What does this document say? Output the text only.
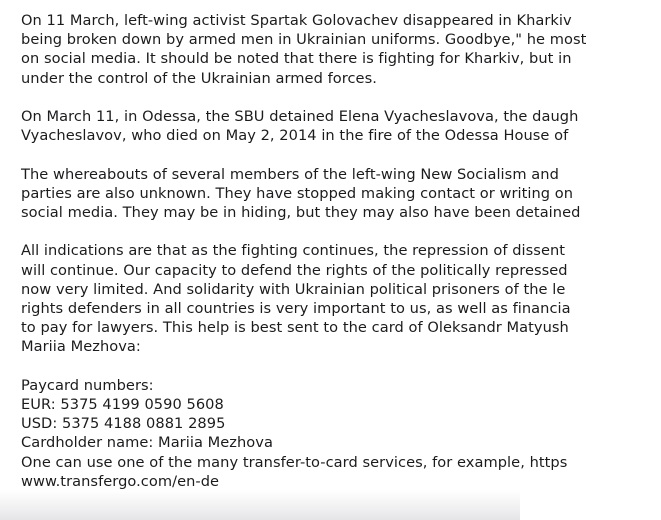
On 11 March, left-wing activist Spartak Golovachev disappeared in Kharkiv
being broken down by armed men in Ukrainian uniforms. Goodbye," he most
on social media. It should be noted that there is fighting for Kharkiv, but in
under the control of the Ukrainian armed forces.

On March 11, in Odessa, the SBU detained Elena Vyacheslavova, the daugh
Vyacheslavov, who died on May 2, 2014 in the fire of the Odessa House of

The whereabouts of several members of the left-wing New Socialism and
parties are also unknown. They have stopped making contact or writing on
social media. They may be in hiding, but they may also have been detained

All indications are that as the fighting continues, the repression of dissent
will continue. Our capacity to defend the rights of the politically repressed
now very limited. And solidarity with Ukrainian political prisoners of the le
rights defenders in all countries is very important to us, as well as financia
to pay for lawyers. This help is best sent to the card of Oleksandr Matyush
Mariia Mezhova:

Paycard numbers:
EUR: 5375 4199 0590 5608
USD: 5375 4188 0881 2895
Cardholder name: Mariia Mezhova
One can use one of the many transfer-to-card services, for example, https
www.transfergo.com/en-de
